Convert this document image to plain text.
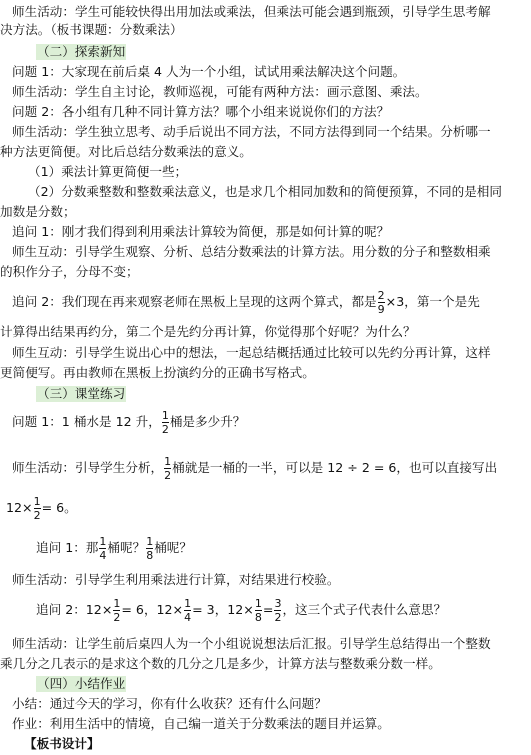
师生活动：学生可能较快得出用加法或乘法，但乘法可能会遇到瓶颈，引导学生思考解
决方法。（板书课题：分数乘法）
（二）探索新知
问题 1：大家现在前后桌 4 人为一个小组，试试用乘法解决这个问题。
师生活动：学生自主讨论，教师巡视，可能有两种方法：画示意图、乘法。
问题 2：各小组有几种不同计算方法？哪个小组来说说你们的方法？
师生活动：学生独立思考、动手后说出不同方法，不同方法得到同一个结果。分析哪一
种方法更简便。对比后总结分数乘法的意义。
（1）乘法计算更简便一些；
（2）分数乘整数和整数乘法意义，也是求几个相同加数和的简便预算，不同的是相同
加数是分数；
追问 1：刚才我们得到利用乘法计算较为简便，那是如何计算的呢？
师生互动：引导学生观察、分析、总结分数乘法的计算方法。用分数的分子和整数相乘
的积作分子，分母不变；
追问 2：我们现在再来观察老师在黑板上呈现的这两个算式，都是 $\frac{2}{9} \times 3$，第一个是先
计算得出结果再约分，第二个是先约分再计算，你觉得那个好呢？为什么？
师生互动：引导学生说出心中的想法，一起总结概括通过比较可以先约分再计算，这样
更简便写。再由教师在黑板上扮演约分的正确书写格式。
（三）课堂练习
问题 1：1 桶水是 12 升， $\frac{1}{2}$ 桶是多少升？
师生活动：引导学生分析， $\frac{1}{2}$ 桶就是一桶的一半，可以是 12 ÷ 2 = 6，也可以直接写出
$12\times \frac{1}{2} = 6$。
追问 1：那 $\frac{1}{4}$ 桶呢？ $\frac{1}{8}$ 桶呢？
师生活动：引导学生利用乘法进行计算，对结果进行校验。
追问 2：$12\times \frac{1}{2} = 6$，$12\times \frac{1}{4} = 3$，$12\times \frac{1}{8} = \frac{3}{2}$ ，这三个式子代表什么意思？
师生活动：让学生前后桌四人为一个小组说说想法后汇报。引导学生总结得出一个整数
乘几分之几表示的是求这个数的几分之几是多少，计算方法与整数乘分数一样。
（四）小结作业
小结：通过今天的学习，你有什么收获？还有什么问题？
作业：利用生活中的情境，自己编一道关于分数乘法的题目并运算。
【板书设计】
